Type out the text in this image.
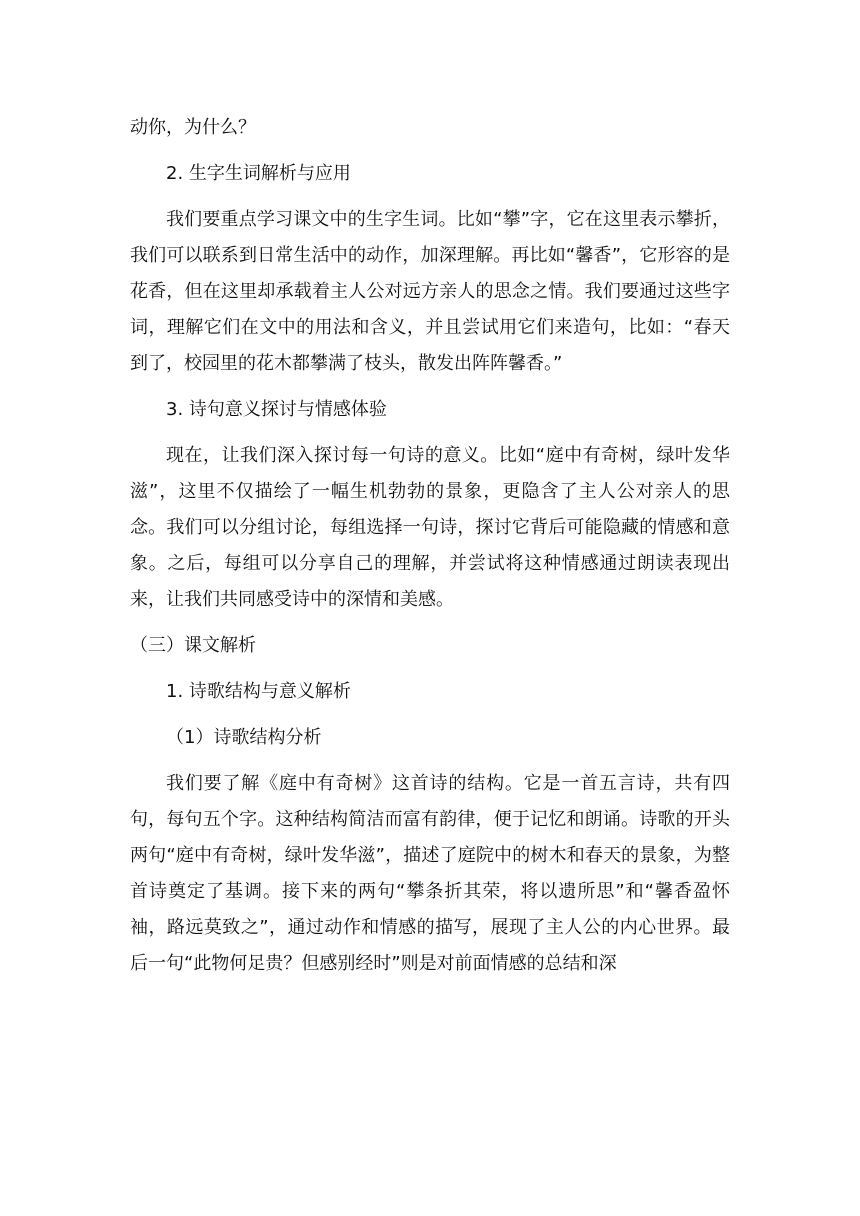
动你，为什么？

2. 生字生词解析与应用

我们要重点学习课文中的生字生词。比如“攀”字，它在这里表示攀折，我们可以联系到日常生活中的动作，加深理解。再比如“馨香”，它形容的是花香，但在这里却承载着主人公对远方亲人的思念之情。我们要通过这些字词，理解它们在文中的用法和含义，并且尝试用它们来造句，比如：“春天到了，校园里的花木都攀满了枝头，散发出阵阵馨香。”

3. 诗句意义探讨与情感体验

现在，让我们深入探讨每一句诗的意义。比如“庭中有奇树，绿叶发华滋”，这里不仅描绘了一幅生机勃勃的景象，更隐含了主人公对亲人的思念。我们可以分组讨论，每组选择一句诗，探讨它背后可能隐藏的情感和意象。之后，每组可以分享自己的理解，并尝试将这种情感通过朗读表现出来，让我们共同感受诗中的深情和美感。

（三）课文解析

1. 诗歌结构与意义解析

（1）诗歌结构分析

我们要了解《庭中有奇树》这首诗的结构。它是一首五言诗，共有四句，每句五个字。这种结构简洁而富有韵律，便于记忆和朗诵。诗歌的开头两句“庭中有奇树，绿叶发华滋”，描述了庭院中的树木和春天的景象，为整首诗奠定了基调。接下来的两句“攀条折其荣，将以遗所思”和“馨香盈怀袖，路远莫致之”，通过动作和情感的描写，展现了主人公的内心世界。最后一句“此物何足贵？但感别经时”则是对前面情感的总结和深
